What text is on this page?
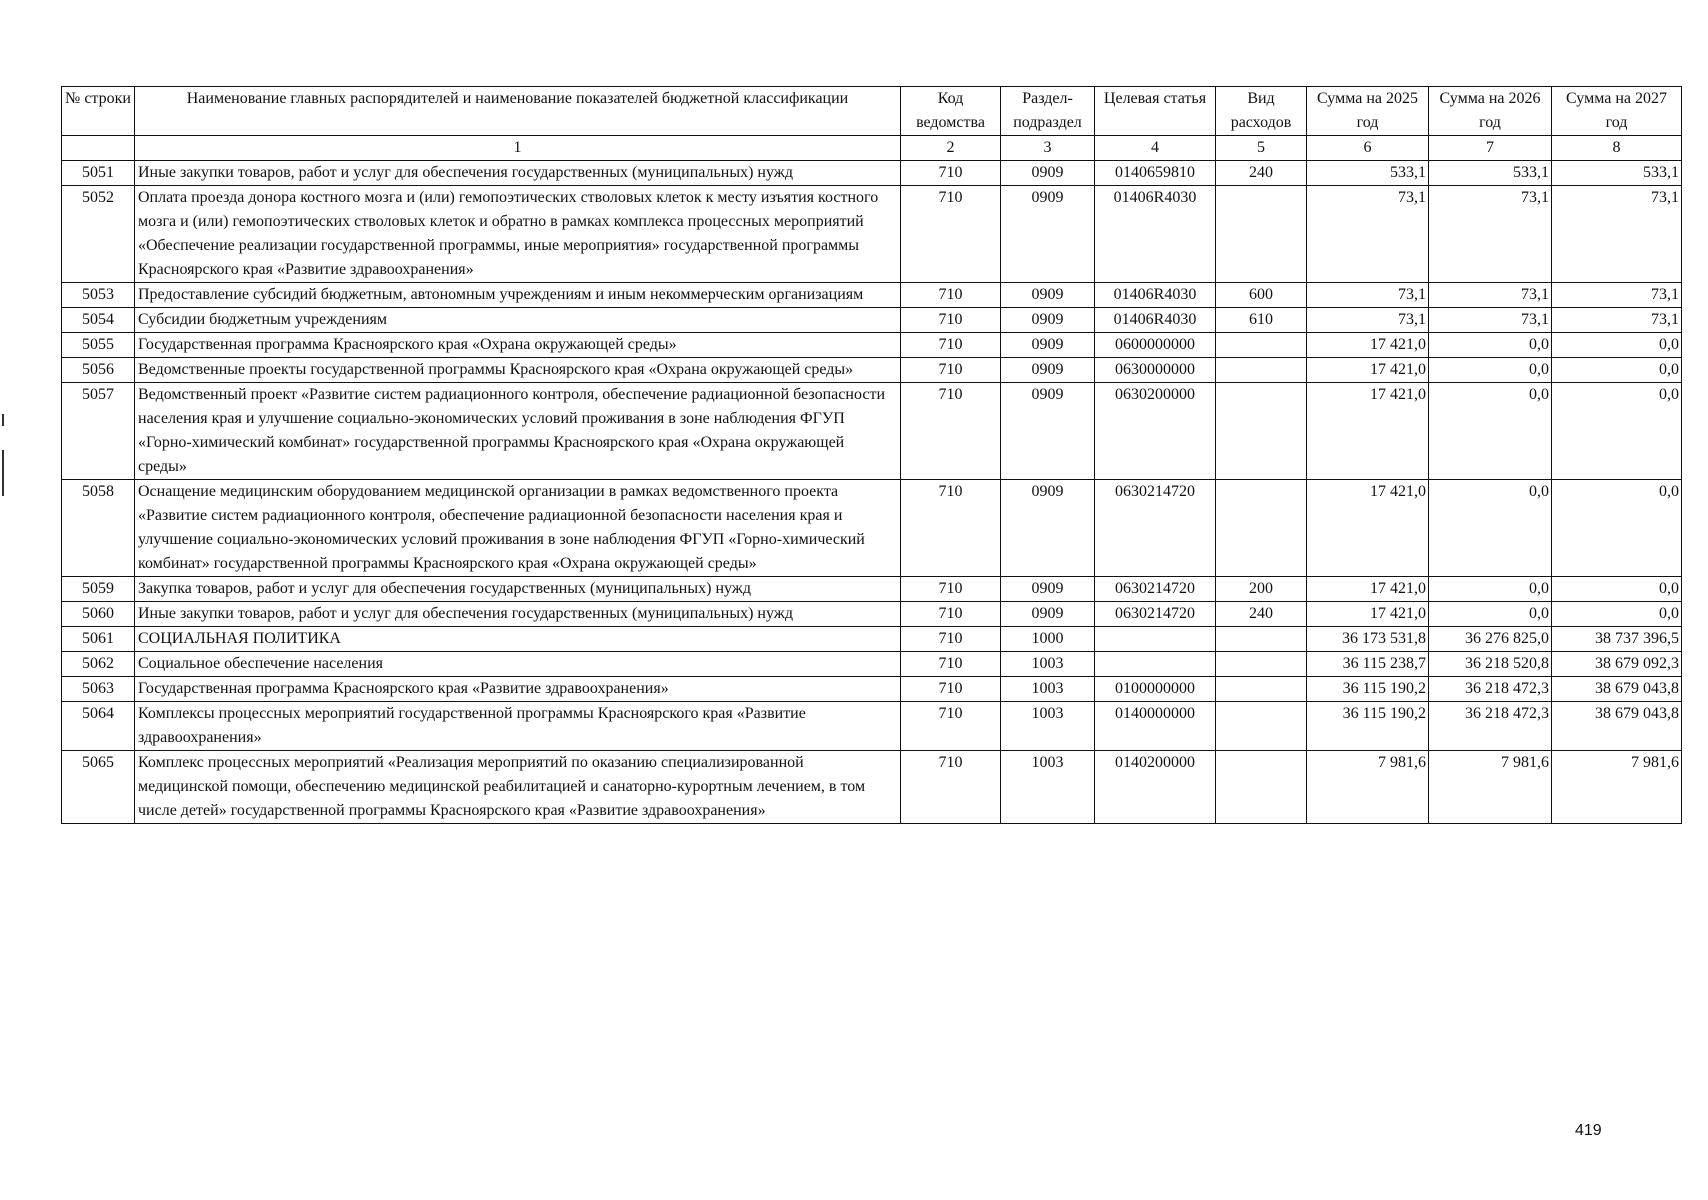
№ строки	Наименование главных распорядителей и наименование показателей бюджетной классификации	Код ведомства	Раздел-подраздел	Целевая статья	Вид расходов	Сумма на 2025 год	Сумма на 2026 год	Сумма на 2027 год
	1	2	3	4	5	6	7	8
5051	Иные закупки товаров, работ и услуг для обеспечения государственных (муниципальных) нужд	710	0909	0140659810	240	533,1	533,1	533,1
5052	Оплата проезда донора костного мозга и (или) гемопоэтических стволовых клеток к месту изъятия костного мозга и (или) гемопоэтических стволовых клеток и обратно в рамках комплекса процессных мероприятий «Обеспечение реализации государственной программы, иные мероприятия» государственной программы Красноярского края «Развитие здравоохранения»	710	0909	01406R4030		73,1	73,1	73,1
5053	Предоставление субсидий бюджетным, автономным учреждениям и иным некоммерческим организациям	710	0909	01406R4030	600	73,1	73,1	73,1
5054	Субсидии бюджетным учреждениям	710	0909	01406R4030	610	73,1	73,1	73,1
5055	Государственная программа Красноярского края «Охрана окружающей среды»	710	0909	0600000000		17 421,0	0,0	0,0
5056	Ведомственные проекты государственной программы Красноярского края «Охрана окружающей среды»	710	0909	0630000000		17 421,0	0,0	0,0
5057	Ведомственный проект «Развитие систем радиационного контроля, обеспечение радиационной безопасности населения края и улучшение социально-экономических условий проживания в зоне наблюдения ФГУП «Горно-химический комбинат» государственной программы Красноярского края «Охрана окружающей среды»	710	0909	0630200000		17 421,0	0,0	0,0
5058	Оснащение медицинским оборудованием медицинской организации в рамках ведомственного проекта «Развитие систем радиационного контроля, обеспечение радиационной безопасности населения края и улучшение социально-экономических условий проживания в зоне наблюдения ФГУП «Горно-химический комбинат» государственной программы Красноярского края «Охрана окружающей среды»	710	0909	0630214720		17 421,0	0,0	0,0
5059	Закупка товаров, работ и услуг для обеспечения государственных (муниципальных) нужд	710	0909	0630214720	200	17 421,0	0,0	0,0
5060	Иные закупки товаров, работ и услуг для обеспечения государственных (муниципальных) нужд	710	0909	0630214720	240	17 421,0	0,0	0,0
5061	СОЦИАЛЬНАЯ ПОЛИТИКА	710	1000			36 173 531,8	36 276 825,0	38 737 396,5
5062	Социальное обеспечение населения	710	1003			36 115 238,7	36 218 520,8	38 679 092,3
5063	Государственная программа Красноярского края «Развитие здравоохранения»	710	1003	0100000000		36 115 190,2	36 218 472,3	38 679 043,8
5064	Комплексы процессных мероприятий государственной программы Красноярского края «Развитие здравоохранения»	710	1003	0140000000		36 115 190,2	36 218 472,3	38 679 043,8
5065	Комплекс процессных мероприятий «Реализация мероприятий по оказанию специализированной медицинской помощи, обеспечению медицинской реабилитацией и санаторно-курортным лечением, в том числе детей» государственной программы Красноярского края «Развитие здравоохранения»	710	1003	0140200000		7 981,6	7 981,6	7 981,6
419
